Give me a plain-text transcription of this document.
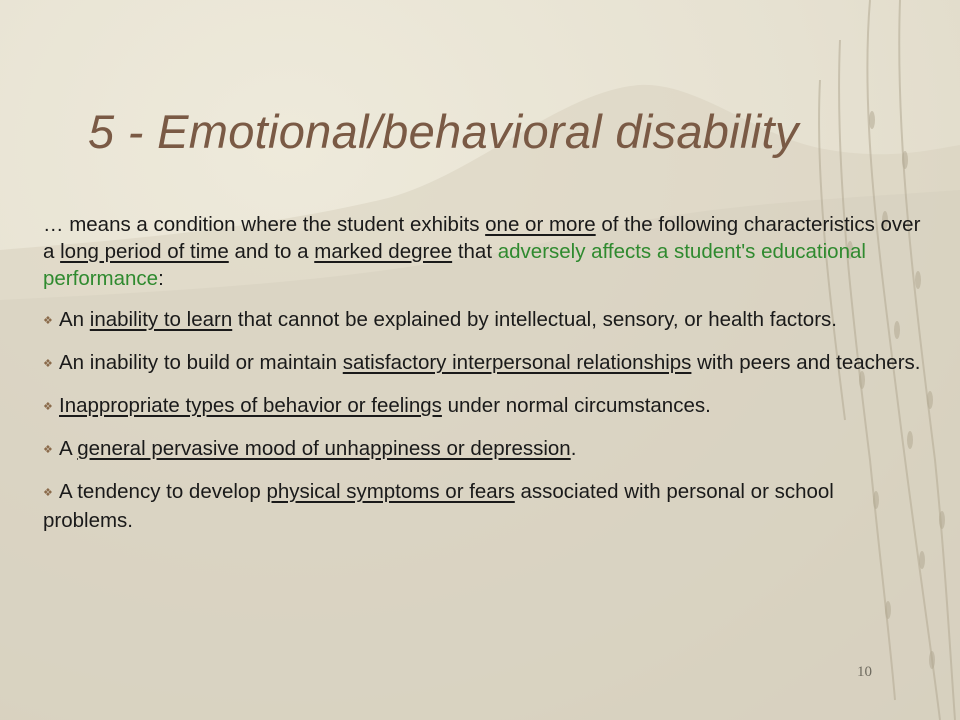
5 - Emotional/behavioral disability

… means a condition where the student exhibits one or more of the following characteristics over a long period of time and to a marked degree that adversely affects a student's educational performance:

❖ An inability to learn that cannot be explained by intellectual, sensory, or health factors.

❖ An inability to build or maintain satisfactory interpersonal relationships with peers and teachers.

❖ Inappropriate types of behavior or feelings under normal circumstances.

❖ A general pervasive mood of unhappiness or depression.

❖ A tendency to develop physical symptoms or fears associated with personal or school problems.

10
